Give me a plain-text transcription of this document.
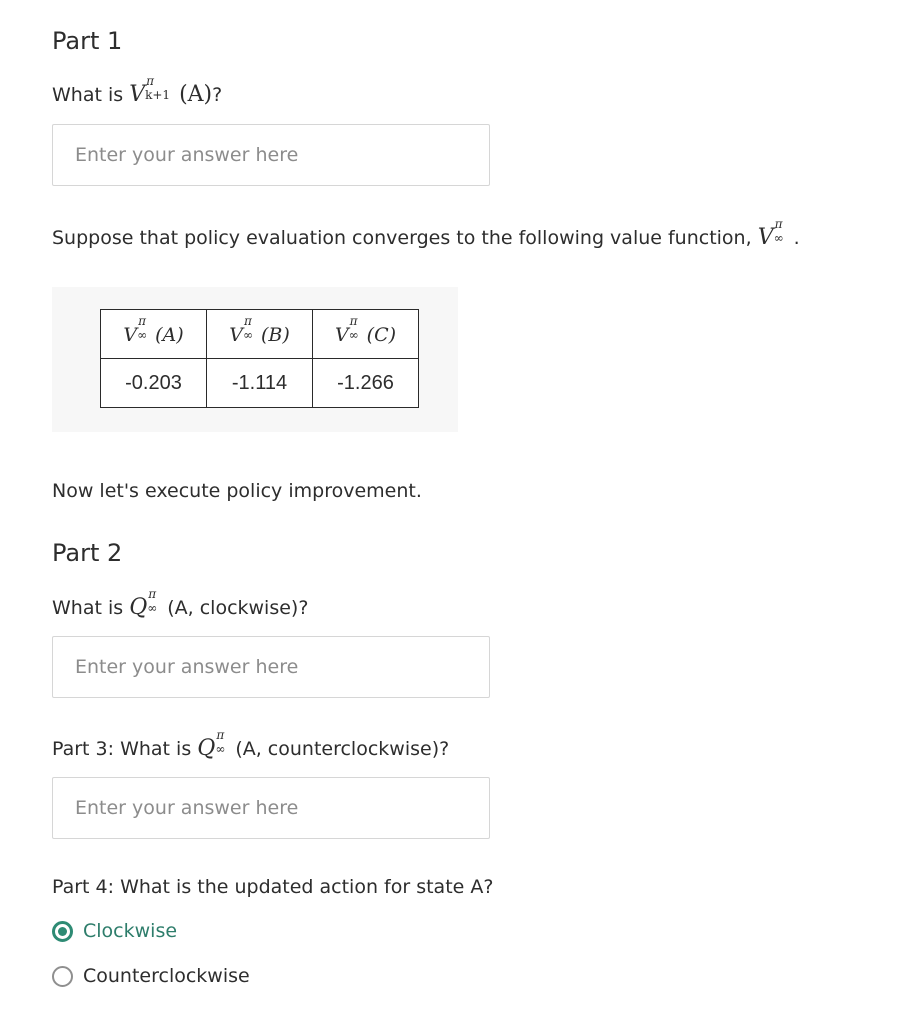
Part 1
What is V
π
k+1 (A)?
Enter your answer here
Suppose that policy evaluation converges to the following value function, V
π
∞ .
V
π
∞ (A)	V
π
∞ (B)	V
π
∞ (C)
-0.203	-1.114	-1.266
Now let's execute policy improvement.
Part 2
What is Q
π
∞ (A, clockwise)?
Enter your answer here
Part 3: What is Q
π
∞ (A, counterclockwise)?
Enter your answer here
Part 4: What is the updated action for state A?
Clockwise
Counterclockwise
